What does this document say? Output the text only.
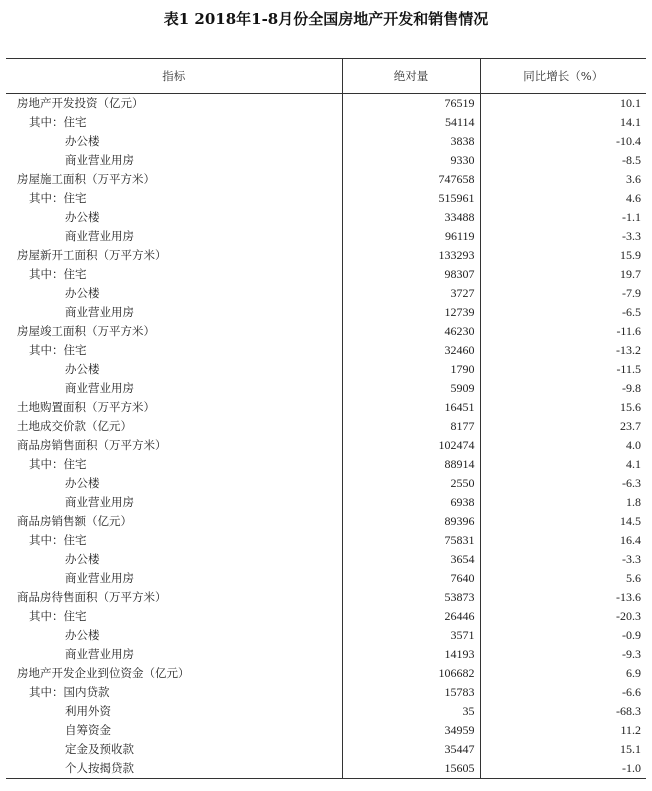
表1 2018年1-8月份全国房地产开发和销售情况
指标	绝对量	同比增长（%）
房地产开发投资（亿元）	76519	10.1
其中：住宅	54114	14.1
办公楼	3838	-10.4
商业营业用房	9330	-8.5
房屋施工面积（万平方米）	747658	3.6
其中：住宅	515961	4.6
办公楼	33488	-1.1
商业营业用房	96119	-3.3
房屋新开工面积（万平方米）	133293	15.9
其中：住宅	98307	19.7
办公楼	3727	-7.9
商业营业用房	12739	-6.5
房屋竣工面积（万平方米）	46230	-11.6
其中：住宅	32460	-13.2
办公楼	1790	-11.5
商业营业用房	5909	-9.8
土地购置面积（万平方米）	16451	15.6
土地成交价款（亿元）	8177	23.7
商品房销售面积（万平方米）	102474	4.0
其中：住宅	88914	4.1
办公楼	2550	-6.3
商业营业用房	6938	1.8
商品房销售额（亿元）	89396	14.5
其中：住宅	75831	16.4
办公楼	3654	-3.3
商业营业用房	7640	5.6
商品房待售面积（万平方米）	53873	-13.6
其中：住宅	26446	-20.3
办公楼	3571	-0.9
商业营业用房	14193	-9.3
房地产开发企业到位资金（亿元）	106682	6.9
其中：国内贷款	15783	-6.6
利用外资	35	-68.3
自筹资金	34959	11.2
定金及预收款	35447	15.1
个人按揭贷款	15605	-1.0
